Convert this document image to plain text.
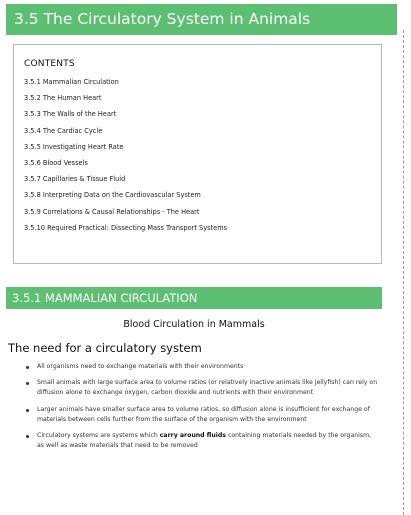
3.5 The Circulatory System in Animals
CONTENTS
3.5.1 Mammalian Circulation
3.5.2 The Human Heart
3.5.3 The Walls of the Heart
3.5.4 The Cardiac Cycle
3.5.5 Investigating Heart Rate
3.5.6 Blood Vessels
3.5.7 Capillaries & Tissue Fluid
3.5.8 Interpreting Data on the Cardiovascular System
3.5.9 Correlations & Causal Relationships - The Heart
3.5.10 Required Practical: Dissecting Mass Transport Systems
3.5.1 MAMMALIAN CIRCULATION
Blood Circulation in Mammals
The need for a circulatory system
All organisms need to exchange materials with their environments
Small animals with large surface area to volume ratios (or relatively inactive animals like jellyfish) can rely on diffusion alone to exchange oxygen, carbon dioxide and nutrients with their environment
Larger animals have smaller surface area to volume ratios, so diffusion alone is insufficient for exchange of materials between cells further from the surface of the organism with the environment
Circulatory systems are systems which carry around fluids containing materials needed by the organism, as well as waste materials that need to be removed
